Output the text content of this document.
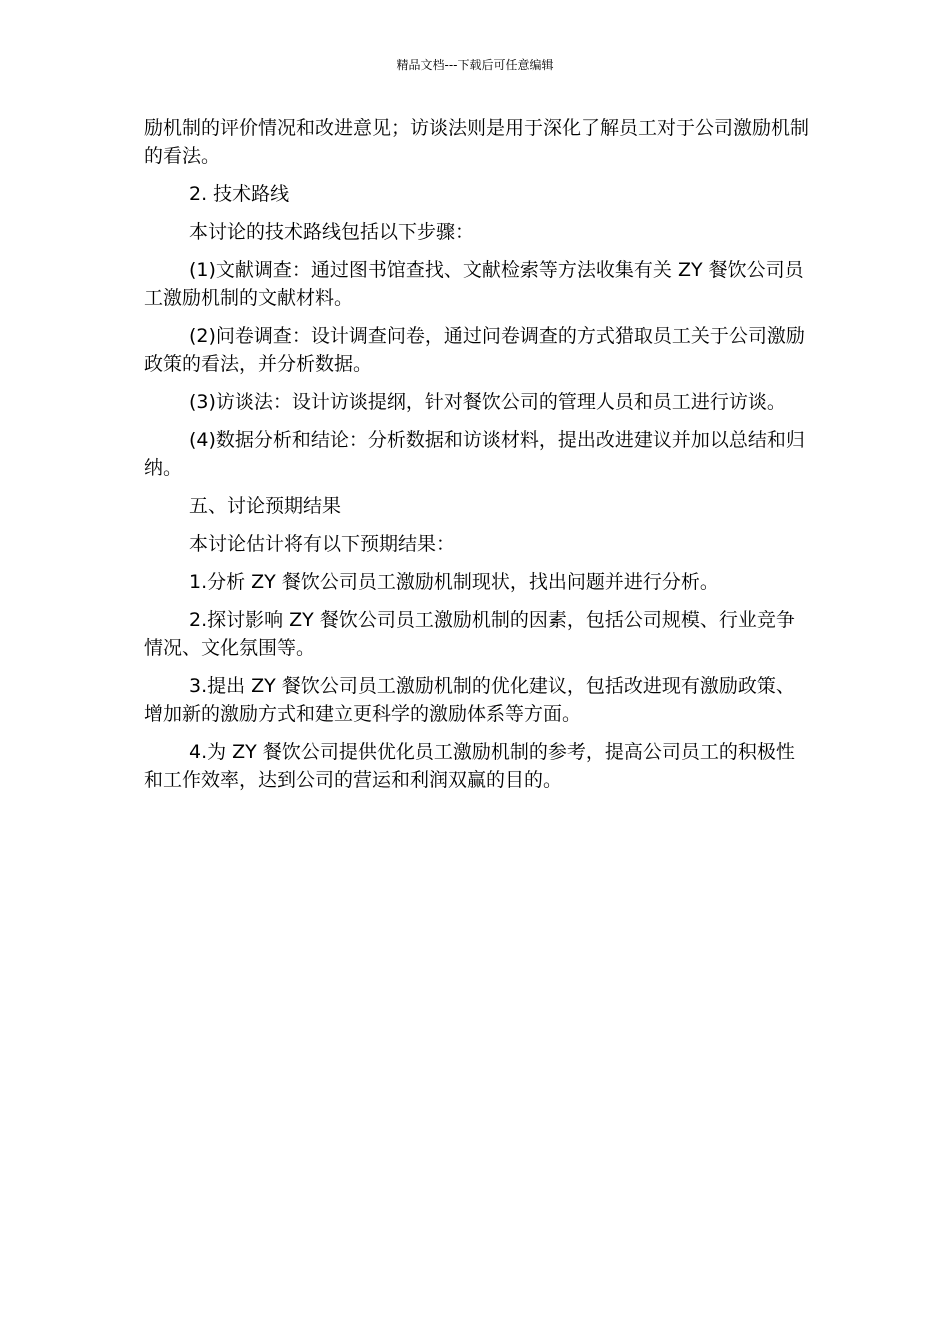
精品文档---下载后可任意编辑

励机制的评价情况和改进意见；访谈法则是用于深化了解员工对于公司激励机制的看法。

2. 技术路线

本讨论的技术路线包括以下步骤：

(1)文献调查：通过图书馆查找、文献检索等方法收集有关 ZY 餐饮公司员工激励机制的文献材料。

(2)问卷调查：设计调查问卷，通过问卷调查的方式猎取员工关于公司激励政策的看法，并分析数据。

(3)访谈法：设计访谈提纲，针对餐饮公司的管理人员和员工进行访谈。

(4)数据分析和结论：分析数据和访谈材料，提出改进建议并加以总结和归纳。

五、讨论预期结果

本讨论估计将有以下预期结果：

1.分析 ZY 餐饮公司员工激励机制现状，找出问题并进行分析。

2.探讨影响 ZY 餐饮公司员工激励机制的因素，包括公司规模、行业竞争情况、文化氛围等。

3.提出 ZY 餐饮公司员工激励机制的优化建议，包括改进现有激励政策、增加新的激励方式和建立更科学的激励体系等方面。

4.为 ZY 餐饮公司提供优化员工激励机制的参考，提高公司员工的积极性和工作效率，达到公司的营运和利润双赢的目的。
